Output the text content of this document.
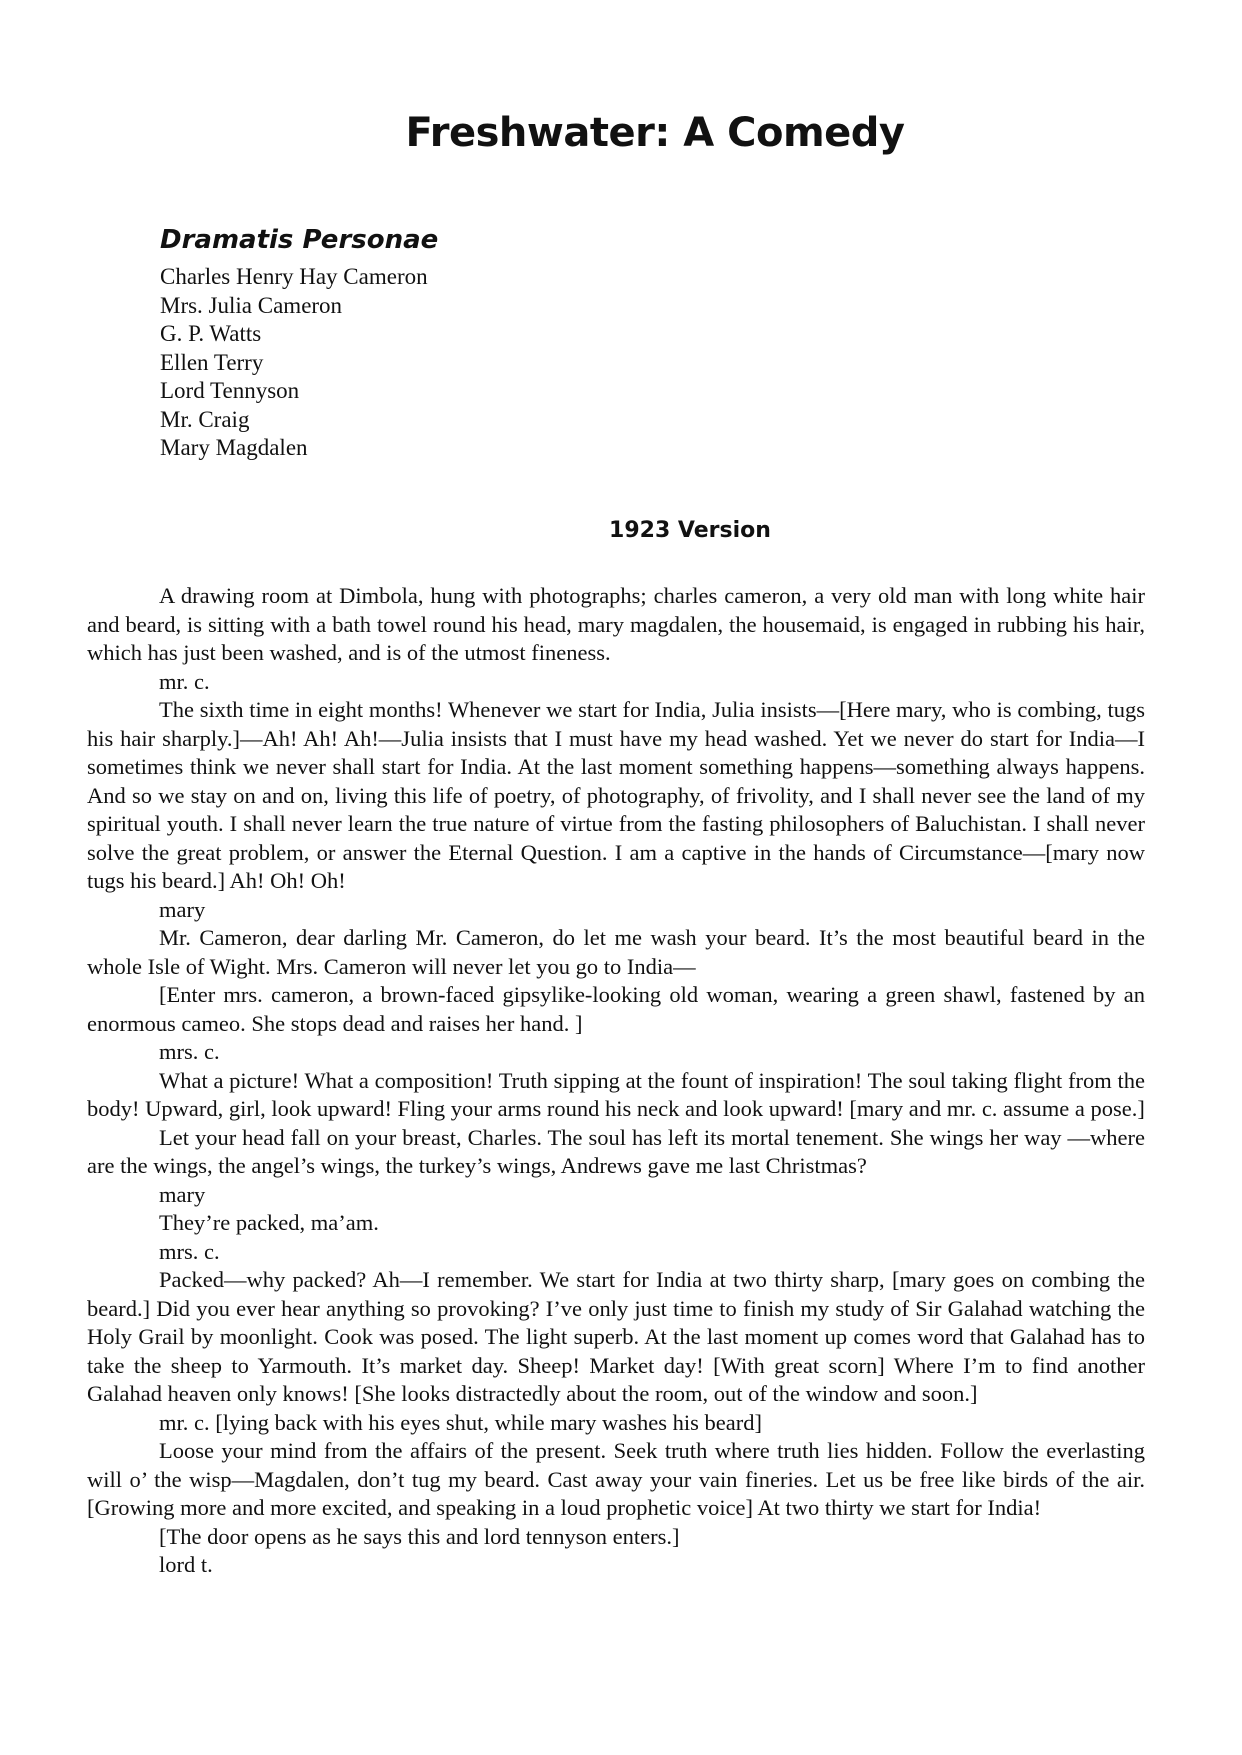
Freshwater: A Comedy
Dramatis Personae
Charles Henry Hay Cameron
Mrs. Julia Cameron
G. P. Watts
Ellen Terry
Lord Tennyson
Mr. Craig
Mary Magdalen
1923 Version

A drawing room at Dimbola, hung with photographs; charles cameron, a very old man with long white hair and beard, is sitting with a bath towel round his head, mary magdalen, the housemaid, is engaged in rubbing his hair, which has just been washed, and is of the utmost fineness.

mr. c.

The sixth time in eight months! Whenever we start for India, Julia insists—[Here mary, who is combing, tugs his hair sharply.]—Ah! Ah! Ah!—Julia insists that I must have my head washed. Yet we never do start for India—I sometimes think we never shall start for India. At the last moment something happens—something always happens. And so we stay on and on, living this life of poetry, of photography, of frivolity, and I shall never see the land of my spiritual youth. I shall never learn the true nature of virtue from the fasting philosophers of Baluchistan. I shall never solve the great problem, or answer the Eternal Question. I am a captive in the hands of Circumstance—[mary now tugs his beard.] Ah! Oh! Oh!

mary

Mr. Cameron, dear darling Mr. Cameron, do let me wash your beard. It’s the most beautiful beard in the whole Isle of Wight. Mrs. Cameron will never let you go to India—

[Enter mrs. cameron, a brown-faced gipsylike-looking old woman, wearing a green shawl, fastened by an enormous cameo. She stops dead and raises her hand. ]

mrs. c.

What a picture! What a composition! Truth sipping at the fount of inspiration! The soul taking flight from the body! Upward, girl, look upward! Fling your arms round his neck and look upward! [mary and mr. c. assume a pose.]

Let your head fall on your breast, Charles. The soul has left its mortal tenement. She wings her way —where are the wings, the angel’s wings, the turkey’s wings, Andrews gave me last Christmas?

mary

They’re packed, ma’am.

mrs. c.

Packed—why packed? Ah—I remember. We start for India at two thirty sharp, [mary goes on combing the beard.] Did you ever hear anything so provoking? I’ve only just time to finish my study of Sir Galahad watching the Holy Grail by moonlight. Cook was posed. The light superb. At the last moment up comes word that Galahad has to take the sheep to Yarmouth. It’s market day. Sheep! Market day! [With great scorn] Where I’m to find another Galahad heaven only knows! [She looks distractedly about the room, out of the window and soon.]

mr. c. [lying back with his eyes shut, while mary washes his beard]

Loose your mind from the affairs of the present. Seek truth where truth lies hidden. Follow the everlasting will o’ the wisp—Magdalen, don’t tug my beard. Cast away your vain fineries. Let us be free like birds of the air. [Growing more and more excited, and speaking in a loud prophetic voice] At two thirty we start for India!

[The door opens as he says this and lord tennyson enters.]

lord t.
